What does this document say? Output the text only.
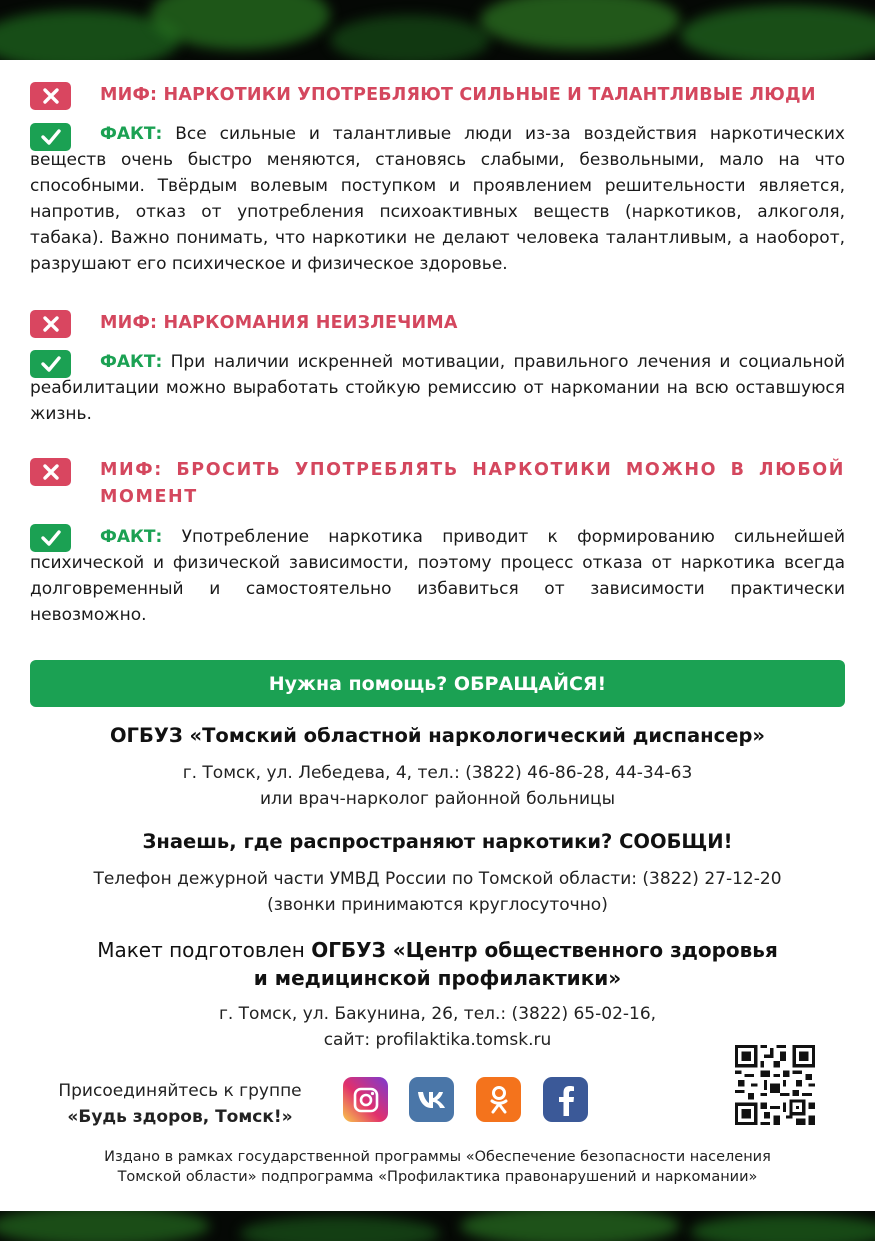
МИФ: НАРКОТИКИ УПОТРЕБЛЯЮТ СИЛЬНЫЕ И ТАЛАНТЛИВЫЕ ЛЮДИ
ФАКТ: Все сильные и талантливые люди из-за воздействия наркотических веществ очень быстро меняются, становясь слабыми, безвольными, мало на что способными. Твёрдым волевым поступком и проявлением решительности является, напротив, отказ от употребления психоактивных веществ (наркотиков, алкоголя, табака). Важно понимать, что наркотики не делают человека талантливым, а наоборот, разрушают его психическое и физическое здоровье.
МИФ: НАРКОМАНИЯ НЕИЗЛЕЧИМА
ФАКТ: При наличии искренней мотивации, правильного лечения и социальной реабилитации можно выработать стойкую ремиссию от наркомании на всю оставшуюся жизнь.
МИФ: БРОСИТЬ УПОТРЕБЛЯТЬ НАРКОТИКИ МОЖНО В ЛЮБОЙ МОМЕНТ
ФАКТ: Употребление наркотика приводит к формированию сильнейшей психической и физической зависимости, поэтому процесс отказа от наркотика всегда долговременный и самостоятельно избавиться от зависимости практически невозможно.
Нужна помощь? ОБРАЩАЙСЯ!
ОГБУЗ «Томский областной наркологический диспансер»
г. Томск, ул. Лебедева, 4, тел.: (3822) 46-86-28, 44-34-63
или врач-нарколог районной больницы
Знаешь, где распространяют наркотики? СООБЩИ!
Телефон дежурной части УМВД России по Томской области: (3822) 27-12-20
(звонки принимаются круглосуточно)
Макет подготовлен ОГБУЗ «Центр общественного здоровья
и медицинской профилактики»
г. Томск, ул. Бакунина, 26, тел.: (3822) 65-02-16,
сайт: profilaktika.tomsk.ru
Присоединяйтесь к группе
«Будь здоров, Томск!»
Издано в рамках государственной программы «Обеспечение безопасности населения
Томской области» подпрограмма «Профилактика правонарушений и наркомании»
